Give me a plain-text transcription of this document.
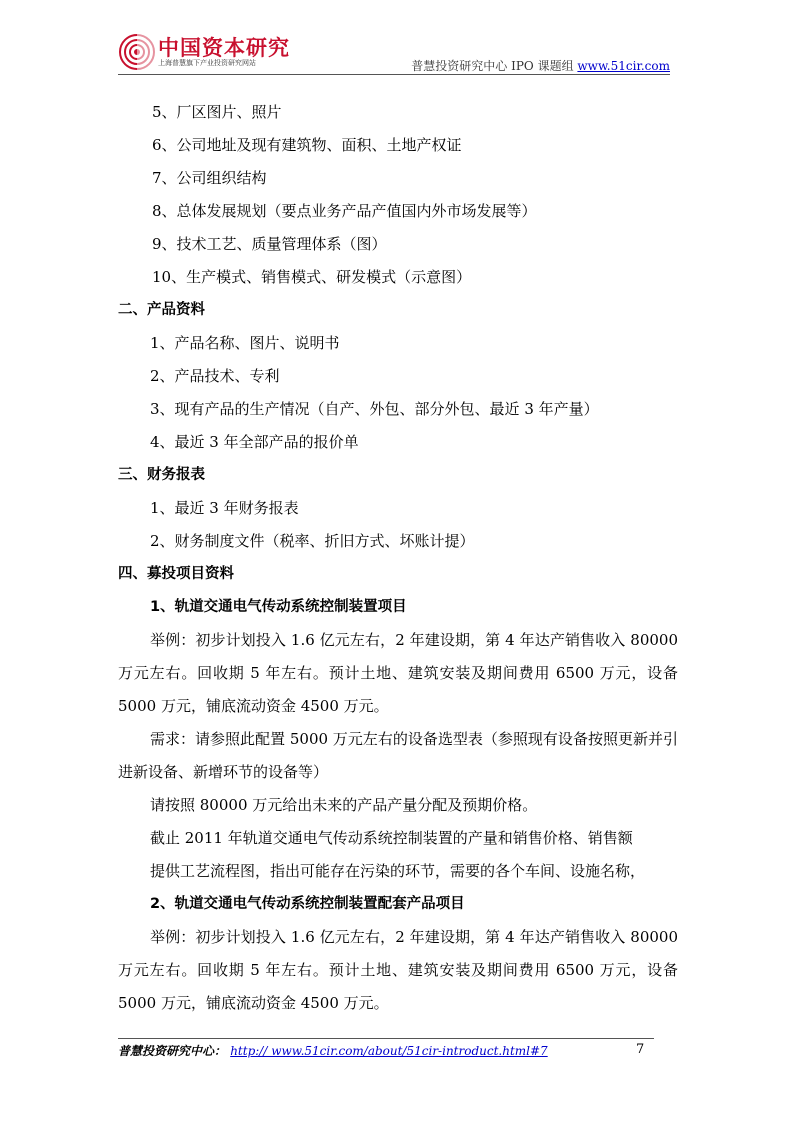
中国资本研究
上海普慧旗下产业投资研究网站	普慧投资研究中心 IPO 课题组 www.51cir.com
5、厂区图片、照片
6、公司地址及现有建筑物、面积、土地产权证
7、公司组织结构
8、总体发展规划（要点业务产品产值国内外市场发展等）
9、技术工艺、质量管理体系（图）
10、生产模式、销售模式、研发模式（示意图）
二、产品资料
1、产品名称、图片、说明书
2、产品技术、专利
3、现有产品的生产情况（自产、外包、部分外包、最近 3 年产量）
4、最近 3 年全部产品的报价单
三、财务报表
1、最近 3 年财务报表
2、财务制度文件（税率、折旧方式、坏账计提）
四、募投项目资料
1、轨道交通电气传动系统控制装置项目
举例：初步计划投入 1.6 亿元左右，2 年建设期，第 4 年达产销售收入 80000 万元左右。回收期 5 年左右。预计土地、建筑安装及期间费用 6500 万元，设备 5000 万元，铺底流动资金 4500 万元。
需求：请参照此配置 5000 万元左右的设备选型表（参照现有设备按照更新并引进新设备、新增环节的设备等）
请按照 80000 万元给出未来的产品产量分配及预期价格。
截止 2011 年轨道交通电气传动系统控制装置的产量和销售价格、销售额
提供工艺流程图，指出可能存在污染的环节，需要的各个车间、设施名称，
2、轨道交通电气传动系统控制装置配套产品项目
举例：初步计划投入 1.6 亿元左右，2 年建设期，第 4 年达产销售收入 80000 万元左右。回收期 5 年左右。预计土地、建筑安装及期间费用 6500 万元，设备 5000 万元，铺底流动资金 4500 万元。
普慧投资研究中心： http:// www.51cir.com/about/51cir-introduct.html#7	7
